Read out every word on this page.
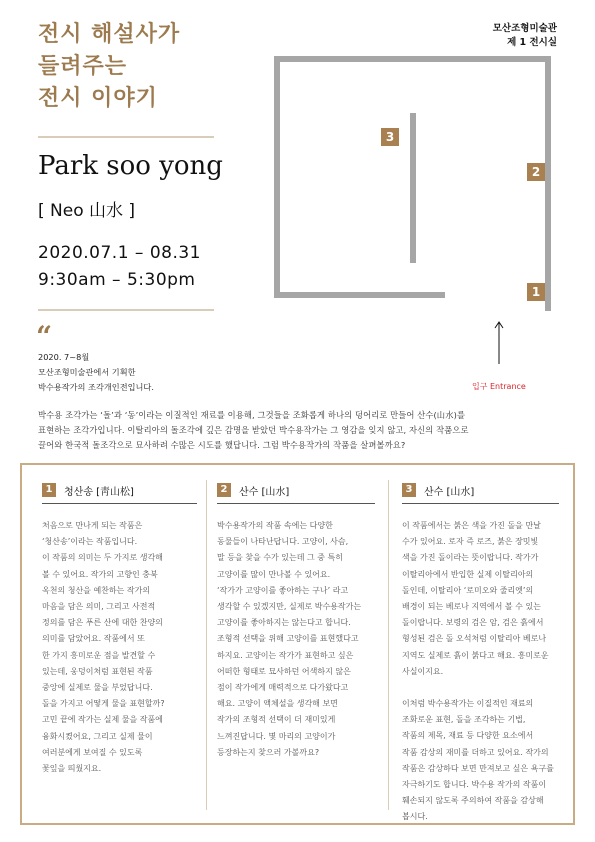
전시 해설사가
들려주는
전시 이야기
Park soo yong
[ Neo 山水 ]
2020.07.1 – 08.31
9:30am – 5:30pm
“
2020. 7~8월
모산조형미술관에서 기획한
박수용작가의 조각개인전입니다.
모산조형미술관
제 1 전시실
3
2
1
입구 Entrance
박수용 조각가는 ‘돌’과 ‘동’이라는 이질적인 재료를 이용해, 그것들을 조화롭게 하나의 덩어리로 만들어 산수(山水)를
표현하는 조각가입니다. 이탈리아의 돌조각에 깊은 감명을 받았던 박수용작가는 그 영감을 잊지 않고, 자신의 작품으로
끌어와 한국적 돌조각으로 묘사하려 수많은 시도를 했답니다. 그럼 박수용작가의 작품을 살펴볼까요?
1	청산송 [靑山松]

처음으로 만나게 되는 작품은
‘청산송’이라는 작품입니다.
이 작품의 의미는 두 가지로 생각해
볼 수 있어요. 작가의 고향인 충북
옥천의 청산을 예찬하는 작가의
마음을 담은 의미, 그리고 사전적
정의를 담은 푸른 산에 대한 찬양의
의미를 담았어요. 작품에서 또
한 가지 흥미로운 점을 발견할 수
있는데, 웅덩이처럼 표현된 작품
중앙에 실제로 물을 부었답니다.
돌을 가지고 어떻게 물을 표현할까?
고민 끝에 작가는 실제 물을 작품에
융화시켰어요, 그리고 실제 물이
여러분에게 보여질 수 있도록
꽃잎을 띄웠지요.

2	산수 [山水]

박수용작가의 작품 속에는 다양한
동물들이 나타난답니다. 고양이, 사슴,
말 등을 찾을 수가 있는데 그 중 특히
고양이를 많이 만나볼 수 있어요.
‘작가가 고양이를 좋아하는 구나’ 라고
생각할 수 있겠지만, 실제로 박수용작가는
고양이를 좋아하지는 않는다고 합니다.
조형적 선택을 위해 고양이를 표현했다고
하지요. 고양이는 작가가 표현하고 싶은
어떠한 형태로 묘사하던 어색하지 않은
점이 작가에게 매력적으로 다가왔다고
해요. 고양이 액체설을 생각해 보면
작가의 조형적 선택이 더 재미있게
느껴진답니다. 몇 마리의 고양이가
등장하는지 찾으러 가볼까요?

3	산수 [山水]

이 작품에서는 붉은 색을 가진 돌을 만날
수가 있어요. 로자 즉 로즈, 붉은 장밋빛
색을 가진 돌이라는 뜻이랍니다. 작가가
이탈리아에서 반입한 실제 이탈리아의
돌인데, 이탈리아 ‘로미오와 줄리엣’의
배경이 되는 베로나 지역에서 볼 수 있는
돌이랍니다. 보령의 검은 암, 검은 흙에서
형성된 검은 돌 오석처럼 이탈리아 베로나
지역도 실제로 흙이 붉다고 해요. 흥미로운
사실이지요.

이처럼 박수용작가는 이질적인 재료의
조화로운 표현, 돌을 조각하는 기법,
작품의 제목, 재료 등 다양한 요소에서
작품 감상의 재미를 더하고 있어요. 작가의
작품은 감상하다 보면 만져보고 싶은 욕구를
자극하기도 합니다. 박수용 작가의 작품이
훼손되지 않도록 주의하여 작품을 감상해
봅시다.
